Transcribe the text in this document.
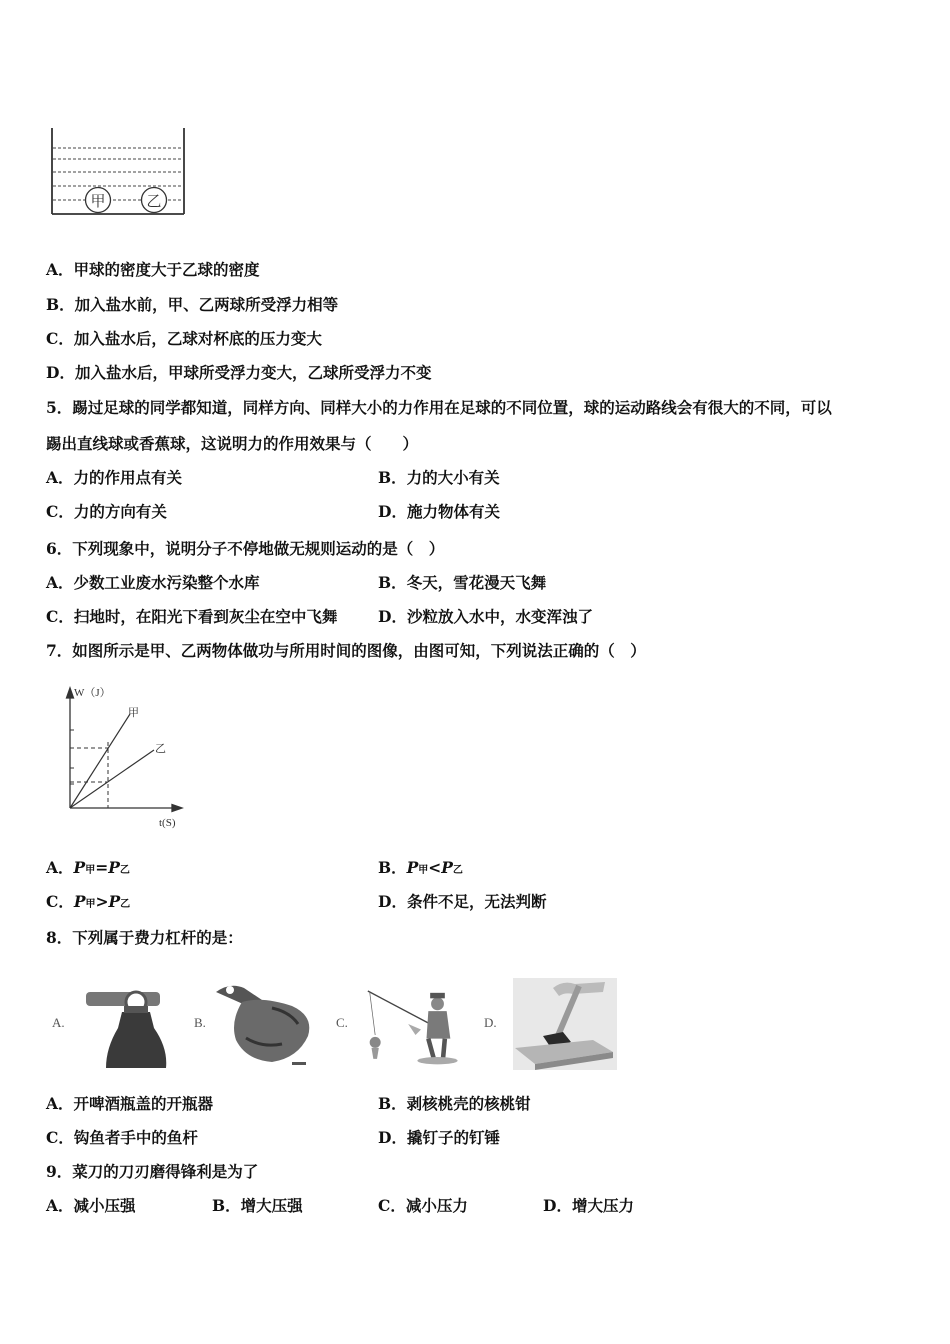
甲	乙
A．甲球的密度大于乙球的密度
B．加入盐水前，甲、乙两球所受浮力相等
C．加入盐水后，乙球对杯底的压力变大
D．加入盐水后，甲球所受浮力变大，乙球所受浮力不变
5．踢过足球的同学都知道，同样方向、同样大小的力作用在足球的不同位置，球的运动路线会有很大的不同，可以
踢出直线球或香蕉球，这说明力的作用效果与（　　）
A．力的作用点有关	B．力的大小有关
C．力的方向有关	D．施力物体有关
6．下列现象中，说明分子不停地做无规则运动的是（　）
A．少数工业废水污染整个水库	B．冬天，雪花漫天飞舞
C．扫地时，在阳光下看到灰尘在空中飞舞	D．沙粒放入水中，水变浑浊了
7．如图所示是甲、乙两物体做功与所用时间的图像，由图可知，下列说法正确的（　）
W（J）
t(S)
甲
乙
A．P甲=P乙	B．P甲<P乙
C．P甲>P乙	D．条件不足，无法判断
8．下列属于费力杠杆的是：
A.	B.	C.	D.
A．开啤酒瓶盖的开瓶器	B．剥核桃壳的核桃钳
C．钩鱼者手中的鱼杆	D．撬钉子的钉锤
9．菜刀的刀刃磨得锋利是为了
A．减小压强	B．增大压强	C．减小压力	D．增大压力
